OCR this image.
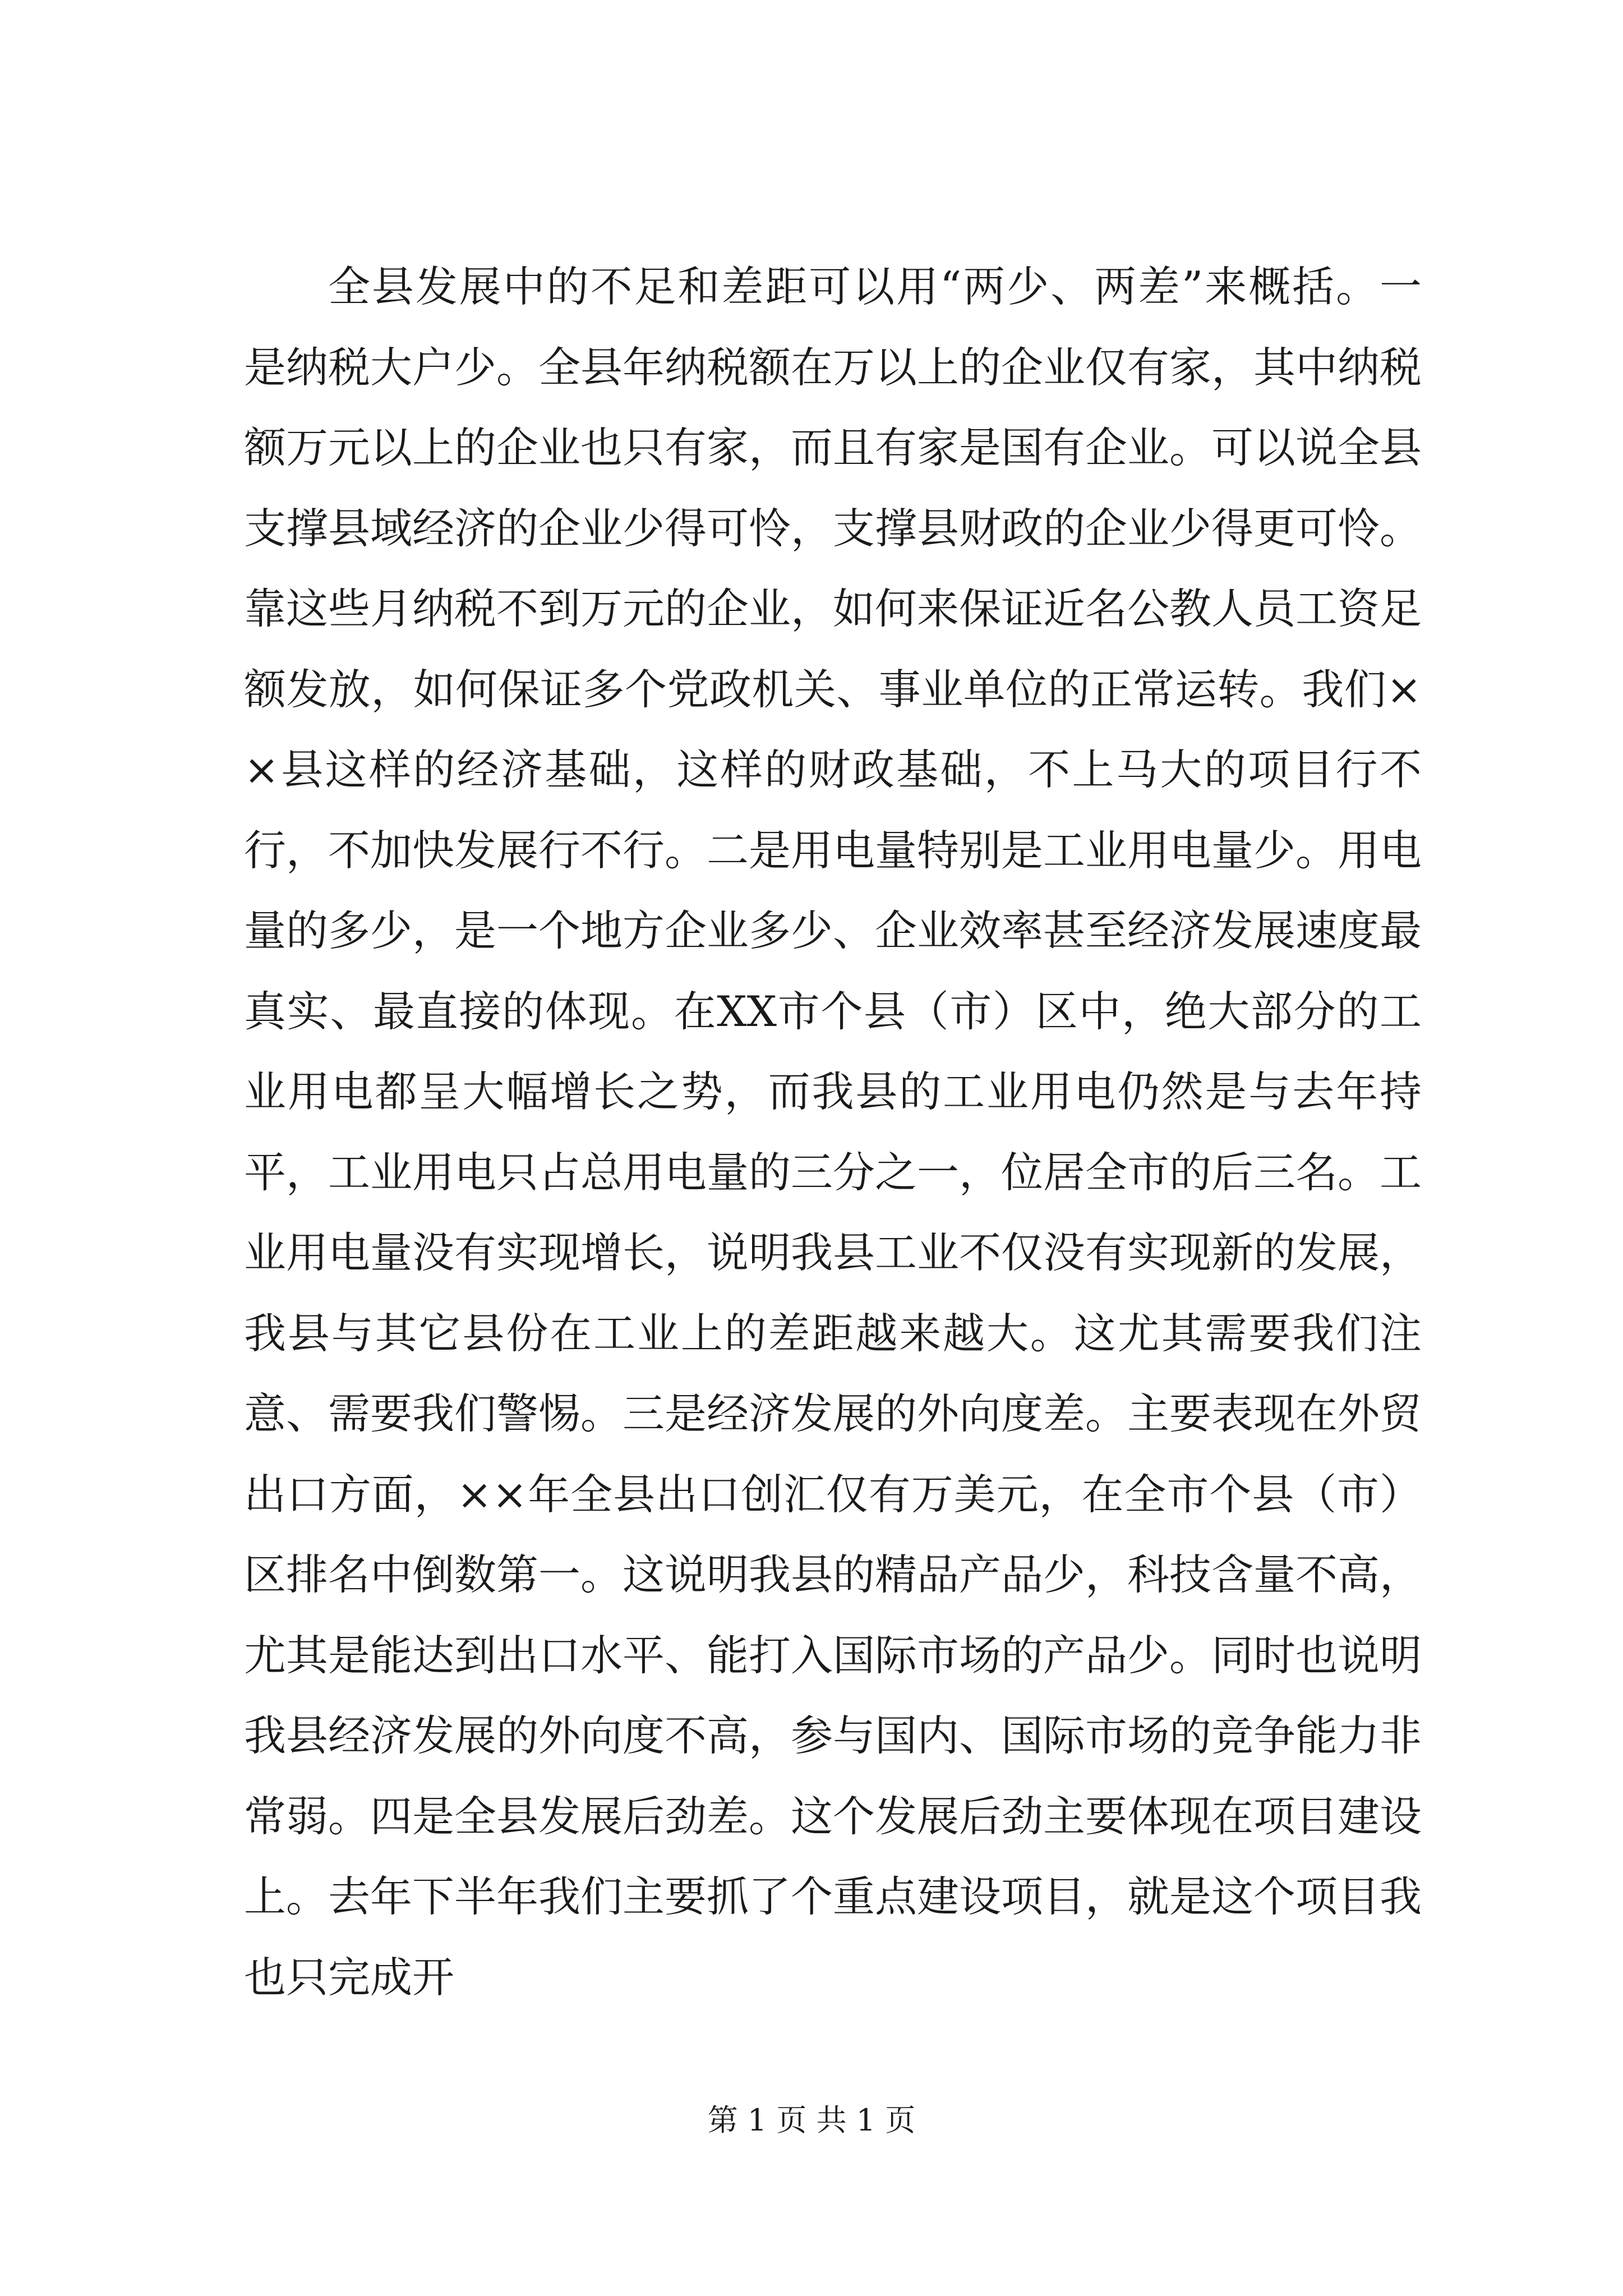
全县发展中的不足和差距可以用“两少、两差”来概括。一是纳税大户少。全县年纳税额在万以上的企业仅有家，其中纳税额万元以上的企业也只有家，而且有家是国有企业。可以说全县支撑县域经济的企业少得可怜，支撑县财政的企业少得更可怜。靠这些月纳税不到万元的企业，如何来保证近名公教人员工资足额发放，如何保证多个党政机关、事业单位的正常运转。我们××县这样的经济基础，这样的财政基础，不上马大的项目行不行，不加快发展行不行。二是用电量特别是工业用电量少。用电量的多少，是一个地方企业多少、企业效率甚至经济发展速度最真实、最直接的体现。在XX市个县（市）区中，绝大部分的工业用电都呈大幅增长之势，而我县的工业用电仍然是与去年持平，工业用电只占总用电量的三分之一，位居全市的后三名。工业用电量没有实现增长，说明我县工业不仅没有实现新的发展，我县与其它县份在工业上的差距越来越大。这尤其需要我们注意、需要我们警惕。三是经济发展的外向度差。主要表现在外贸出口方面，××年全县出口创汇仅有万美元，在全市个县（市）区排名中倒数第一。这说明我县的精品产品少，科技含量不高，尤其是能达到出口水平、能打入国际市场的产品少。同时也说明我县经济发展的外向度不高，参与国内、国际市场的竞争能力非常弱。四是全县发展后劲差。这个发展后劲主要体现在项目建设上。去年下半年我们主要抓了个重点建设项目，就是这个项目我也只完成开

第 1 页 共 1 页
